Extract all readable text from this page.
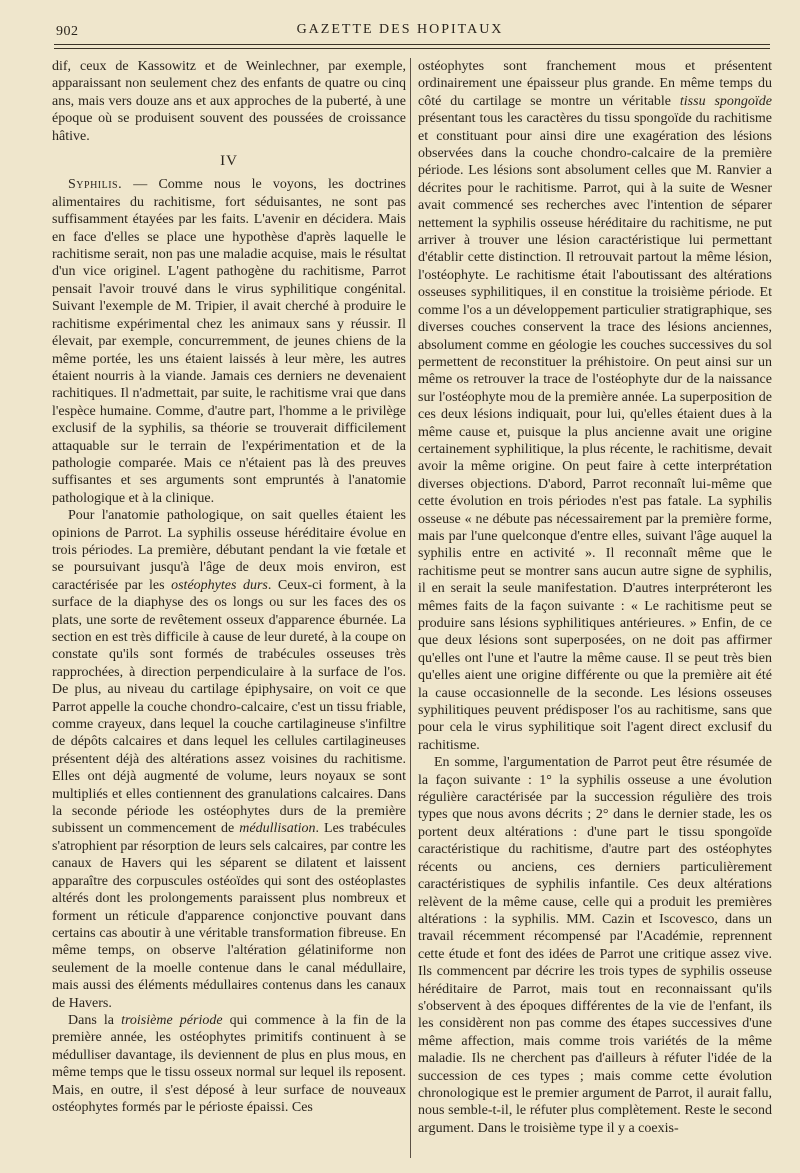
902	GAZETTE DES HOPITAUX

dif, ceux de Kassowitz et de Weinlechner, par exemple, apparaissant non seulement chez des enfants de quatre ou cinq ans, mais vers douze ans et aux approches de la puberté, à une époque où se produisent souvent des poussées de croissance hâtive.

IV

Syphilis. — Comme nous le voyons, les doctrines alimentaires du rachitisme, fort séduisantes, ne sont pas suffisamment étayées par les faits. L'avenir en décidera. Mais en face d'elles se place une hypothèse d'après laquelle le rachitisme serait, non pas une maladie acquise, mais le résultat d'un vice originel. L'agent pathogène du rachitisme, Parrot pensait l'avoir trouvé dans le virus syphilitique congénital. Suivant l'exemple de M. Tripier, il avait cherché à produire le rachitisme expérimental chez les animaux sans y réussir. Il élevait, par exemple, concurremment, de jeunes chiens de la même portée, les uns étaient laissés à leur mère, les autres étaient nourris à la viande. Jamais ces derniers ne devenaient rachitiques. Il n'admettait, par suite, le rachitisme vrai que dans l'espèce humaine. Comme, d'autre part, l'homme a le privilège exclusif de la syphilis, sa théorie se trouverait difficilement attaquable sur le terrain de l'expérimentation et de la pathologie comparée. Mais ce n'étaient pas là des preuves suffisantes et ses arguments sont empruntés à l'anatomie pathologique et à la clinique.

Pour l'anatomie pathologique, on sait quelles étaient les opinions de Parrot. La syphilis osseuse héréditaire évolue en trois périodes. La première, débutant pendant la vie fœtale et se poursuivant jusqu'à l'âge de deux mois environ, est caractérisée par les ostéophytes durs. Ceux-ci forment, à la surface de la diaphyse des os longs ou sur les faces des os plats, une sorte de revêtement osseux d'apparence éburnée. La section en est très difficile à cause de leur dureté, à la coupe on constate qu'ils sont formés de trabécules osseuses très rapprochées, à direction perpendiculaire à la surface de l'os. De plus, au niveau du cartilage épiphysaire, on voit ce que Parrot appelle la couche chondro-calcaire, c'est un tissu friable, comme crayeux, dans lequel la couche cartilagineuse s'infiltre de dépôts calcaires et dans lequel les cellules cartilagineuses présentent déjà des altérations assez voisines du rachitisme. Elles ont déjà augmenté de volume, leurs noyaux se sont multipliés et elles contiennent des granulations calcaires. Dans la seconde période les ostéophytes durs de la première subissent un commencement de médullisation. Les trabécules s'atrophient par résorption de leurs sels calcaires, par contre les canaux de Havers qui les séparent se dilatent et laissent apparaître des corpuscules ostéoïdes qui sont des ostéoplastes altérés dont les prolongements paraissent plus nombreux et forment un réticule d'apparence conjonctive pouvant dans certains cas aboutir à une véritable transformation fibreuse. En même temps, on observe l'altération gélatiniforme non seulement de la moelle contenue dans le canal médullaire, mais aussi des éléments médullaires contenus dans les canaux de Havers.

Dans la troisième période qui commence à la fin de la première année, les ostéophytes primitifs continuent à se médulliser davantage, ils deviennent de plus en plus mous, en même temps que le tissu osseux normal sur lequel ils reposent. Mais, en outre, il s'est déposé à leur surface de nouveaux ostéophytes formés par le périoste épaissi. Ces

ostéophytes sont franchement mous et présentent ordinairement une épaisseur plus grande. En même temps du côté du cartilage se montre un véritable tissu spongoïde présentant tous les caractères du tissu spongoïde du rachitisme et constituant pour ainsi dire une exagération des lésions observées dans la couche chondro-calcaire de la première période. Les lésions sont absolument celles que M. Ranvier a décrites pour le rachitisme. Parrot, qui à la suite de Wesner avait commencé ses recherches avec l'intention de séparer nettement la syphilis osseuse héréditaire du rachitisme, ne put arriver à trouver une lésion caractéristique lui permettant d'établir cette distinction. Il retrouvait partout la même lésion, l'ostéophyte. Le rachitisme était l'aboutissant des altérations osseuses syphilitiques, il en constitue la troisième période. Et comme l'os a un développement particulier stratigraphique, ses diverses couches conservent la trace des lésions anciennes, absolument comme en géologie les couches successives du sol permettent de reconstituer la préhistoire. On peut ainsi sur un même os retrouver la trace de l'ostéophyte dur de la naissance sur l'ostéophyte mou de la première année. La superposition de ces deux lésions indiquait, pour lui, qu'elles étaient dues à la même cause et, puisque la plus ancienne avait une origine certainement syphilitique, la plus récente, le rachitisme, devait avoir la même origine. On peut faire à cette interprétation diverses objections. D'abord, Parrot reconnaît lui-même que cette évolution en trois périodes n'est pas fatale. La syphilis osseuse « ne débute pas nécessairement par la première forme, mais par l'une quelconque d'entre elles, suivant l'âge auquel la syphilis entre en activité ». Il reconnaît même que le rachitisme peut se montrer sans aucun autre signe de syphilis, il en serait la seule manifestation. D'autres interpréteront les mêmes faits de la façon suivante : « Le rachitisme peut se produire sans lésions syphilitiques antérieures. » Enfin, de ce que deux lésions sont superposées, on ne doit pas affirmer qu'elles ont l'une et l'autre la même cause. Il se peut très bien qu'elles aient une origine différente ou que la première ait été la cause occasionnelle de la seconde. Les lésions osseuses syphilitiques peuvent prédisposer l'os au rachitisme, sans que pour cela le virus syphilitique soit l'agent direct exclusif du rachitisme.

En somme, l'argumentation de Parrot peut être résumée de la façon suivante : 1° la syphilis osseuse a une évolution régulière caractérisée par la succession régulière des trois types que nous avons décrits ; 2° dans le dernier stade, les os portent deux altérations : d'une part le tissu spongoïde caractéristique du rachitisme, d'autre part des ostéophytes récents ou anciens, ces derniers particulièrement caractéristiques de syphilis infantile. Ces deux altérations relèvent de la même cause, celle qui a produit les premières altérations : la syphilis. MM. Cazin et Iscovesco, dans un travail récemment récompensé par l'Académie, reprennent cette étude et font des idées de Parrot une critique assez vive. Ils commencent par décrire les trois types de syphilis osseuse héréditaire de Parrot, mais tout en reconnaissant qu'ils s'observent à des époques différentes de la vie de l'enfant, ils les considèrent non pas comme des étapes successives d'une même affection, mais comme trois variétés de la même maladie. Ils ne cherchent pas d'ailleurs à réfuter l'idée de la succession de ces types ; mais comme cette évolution chronologique est le premier argument de Parrot, il aurait fallu, nous semble-t-il, le réfuter plus complètement. Reste le second argument. Dans le troisième type il y a coexis-
